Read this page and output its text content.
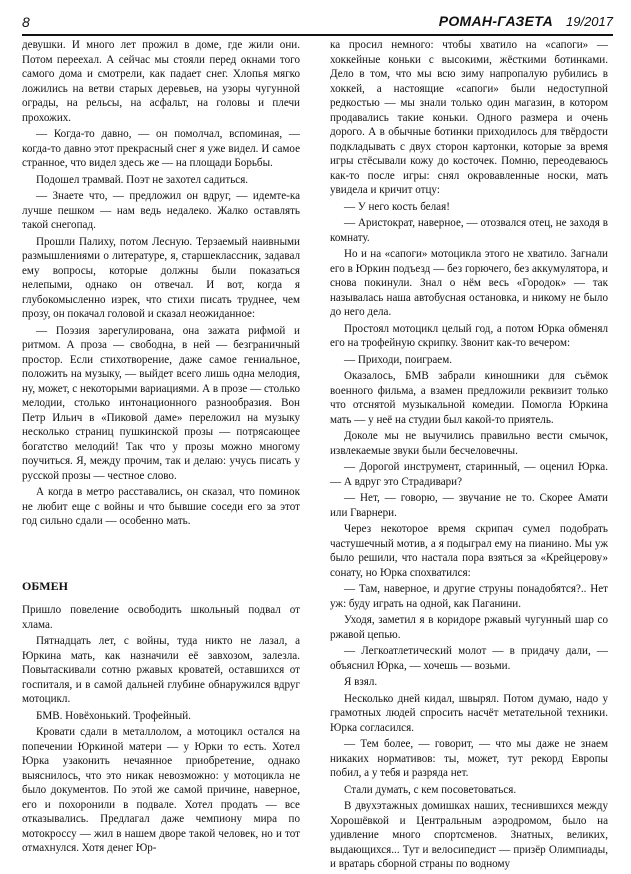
8	РОМАН-ГАЗЕТА 19/2017

девушки. И много лет прожил в доме, где жили они. Потом переехал. А сейчас мы стояли перед окнами того самого дома и смотрели, как падает снег. Хлопья мягко ложились на ветви старых деревьев, на узоры чугунной ограды, на рельсы, на асфальт, на головы и плечи прохожих.

— Когда-то давно, — он помолчал, вспоминая, — когда-то давно этот прекрасный снег я уже видел. И самое странное, что видел здесь же — на площади Борьбы.

Подошел трамвай. Поэт не захотел садиться.

— Знаете что, — предложил он вдруг, — идемте-ка лучше пешком — нам ведь недалеко. Жалко оставлять такой снегопад.

Прошли Палиху, потом Лесную. Терзаемый наивными размышлениями о литературе, я, старшеклассник, задавал ему вопросы, которые должны были показаться нелепыми, однако он отвечал. И вот, когда я глубокомысленно изрек, что стихи писать труднее, чем прозу, он покачал головой и сказал неожиданное:

— Поэзия зарегулирована, она зажата рифмой и ритмом. А проза — свободна, в ней — безграничный простор. Если стихотворение, даже самое гениальное, положить на музыку, — выйдет всего лишь одна мелодия, ну, может, с некоторыми вариациями. А в прозе — столько мелодии, столько интонационного разнообразия. Вон Петр Ильич в «Пиковой даме» переложил на музыку несколько страниц пушкинской прозы — потрясающее богатство мелодий! Так что у прозы можно многому поучиться. Я, между прочим, так и делаю: учусь писать у русской прозы — честное слово.

А когда в метро расставались, он сказал, что поминок не любит еще с войны и что бывшие соседи его за этот год сильно сдали — особенно мать.

ОБМЕН

Пришло повеление освободить школьный подвал от хлама.

Пятнадцать лет, с войны, туда никто не лазал, а Юркина мать, как назначили её завхозом, залезла. Повытаскивали сотню ржавых кроватей, оставшихся от госпиталя, и в самой дальней глубине обнаружился вдруг мотоцикл.

БМВ. Новёхонький. Трофейный.

Кровати сдали в металлолом, а мотоцикл остался на попечении Юркиной матери — у Юрки то есть. Хотел Юрка узаконить нечаянное приобретение, однако выяснилось, что это никак невозможно: у мотоцикла не было документов. По этой же самой причине, наверное, его и похоронили в подвале. Хотел продать — все отказывались. Предлагал даже чемпиону мира по мотокроссу — жил в нашем дворе такой человек, но и тот отмахнулся. Хотя денег Юр-

ка просил немного: чтобы хватило на «сапоги» — хоккейные коньки с высокими, жёсткими ботинками. Дело в том, что мы всю зиму напропалую рубились в хоккей, а настоящие «сапоги» были недоступной редкостью — мы знали только один магазин, в котором продавались такие коньки. Одного размера и очень дорого. А в обычные ботинки приходилось для твёрдости подкладывать с двух сторон картонки, которые за время игры стёсывали кожу до косточек. Помню, переодеваюсь как-то после игры: снял окровавленные носки, мать увидела и кричит отцу:

— У него кость белая!

— Аристократ, наверное, — отозвался отец, не заходя в комнату.

Но и на «сапоги» мотоцикла этого не хватило. Загнали его в Юркин подъезд — без горючего, без аккумулятора, и снова покинули. Знал о нём весь «Городок» — так называлась наша автобусная остановка, и никому не было до него дела.

Простоял мотоцикл целый год, а потом Юрка обменял его на трофейную скрипку. Звонит как-то вечером:

— Приходи, поиграем.

Оказалось, БМВ забрали киношники для съёмок военного фильма, а взамен предложили реквизит только что отснятой музыкальной комедии. Помогла Юркина мать — у неё на студии был какой-то приятель.

Доколе мы не выучились правильно вести смычок, извлекаемые звуки были бесчеловечны.

— Дорогой инструмент, старинный, — оценил Юрка. — А вдруг это Страдивари?

— Нет, — говорю, — звучание не то. Скорее Амати или Гварнери.

Через некоторое время скрипач сумел подобрать частушечный мотив, а я подыграл ему на пианино. Мы уж было решили, что настала пора взяться за «Крейцерову» сонату, но Юрка спохватился:

— Там, наверное, и другие струны понадобятся?.. Нет уж: буду играть на одной, как Паганини.

Уходя, заметил я в коридоре ржавый чугунный шар со ржавой цепью.

— Легкоатлетический молот — в придачу дали, — объяснил Юрка, — хочешь — возьми.

Я взял.

Несколько дней кидал, швырял. Потом думаю, надо у грамотных людей спросить насчёт метательной техники. Юрка согласился.

— Тем более, — говорит, — что мы даже не знаем никаких нормативов: ты, может, тут рекорд Европы побил, а у тебя и разряда нет.

Стали думать, с кем посоветоваться.

В двухэтажных домишках наших, теснившихся между Хорошёвкой и Центральным аэродромом, было на удивление много спортсменов. Знатных, великих, выдающихся... Тут и велосипедист — призёр Олимпиады, и вратарь сборной страны по водному
